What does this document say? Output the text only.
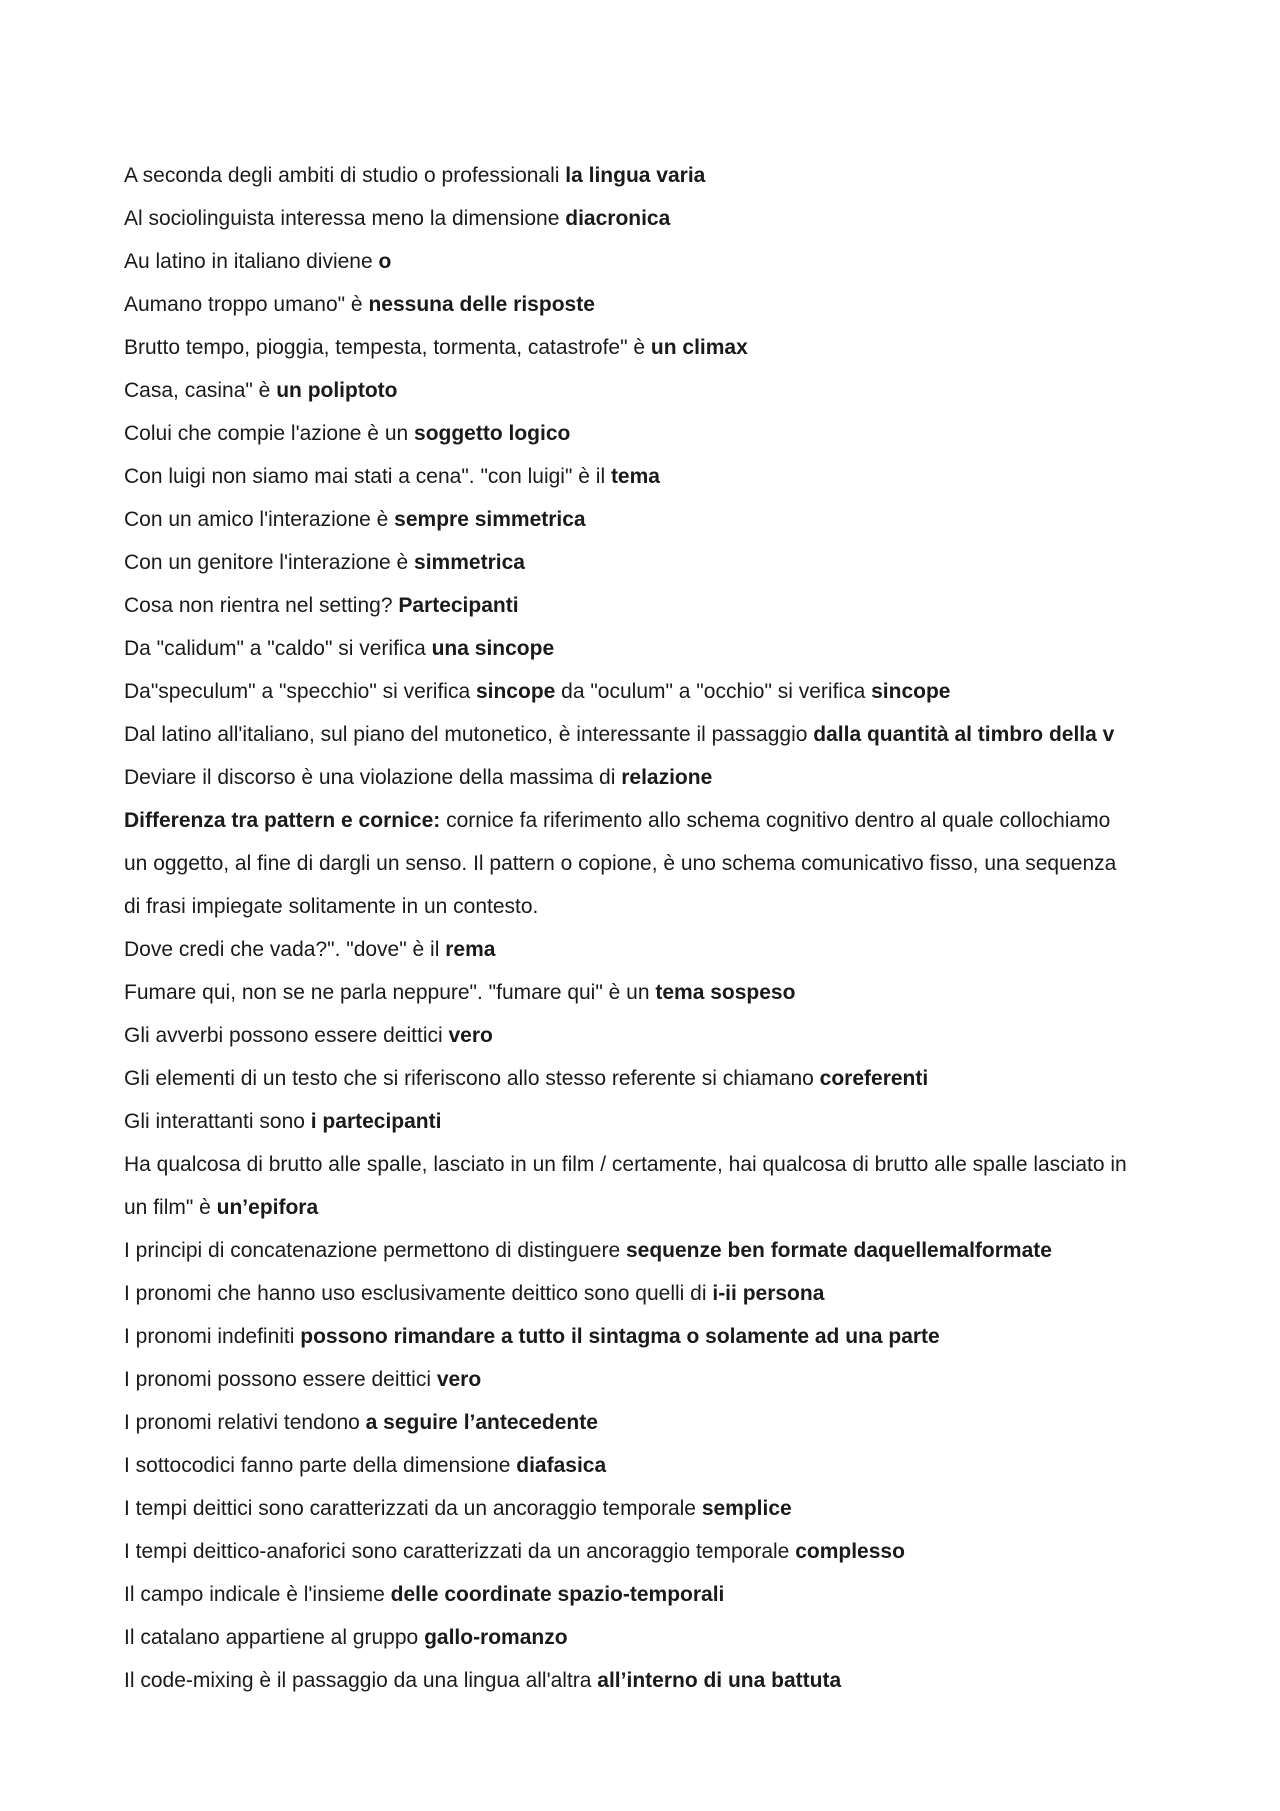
A seconda degli ambiti di studio o professionali la lingua varia
Al sociolinguista interessa meno la dimensione diacronica
Au latino in italiano diviene o
Aumano troppo umano" è nessuna delle risposte
Brutto tempo, pioggia, tempesta, tormenta, catastrofe" è un climax
Casa, casina" è un poliptoto
Colui che compie l'azione è un soggetto logico
Con luigi non siamo mai stati a cena". "con luigi" è il tema
Con un amico l'interazione è sempre simmetrica
Con un genitore l'interazione è simmetrica
Cosa non rientra nel setting? Partecipanti
Da "calidum" a "caldo" si verifica una sincope
Da"speculum" a "specchio" si verifica sincope da "oculum" a "occhio" si verifica sincope
Dal latino all'italiano, sul piano del mutonetico, è interessante il passaggio dalla quantità al timbro della v
Deviare il discorso è una violazione della massima di relazione
Differenza tra pattern e cornice: cornice fa riferimento allo schema cognitivo dentro al quale collochiamo
un oggetto, al fine di dargli un senso. Il pattern o copione, è uno schema comunicativo fisso, una sequenza
di frasi impiegate solitamente in un contesto.
Dove credi che vada?". "dove" è il rema
Fumare qui, non se ne parla neppure". "fumare qui" è un tema sospeso
Gli avverbi possono essere deittici vero
Gli elementi di un testo che si riferiscono allo stesso referente si chiamano coreferenti
Gli interattanti sono i partecipanti
Ha qualcosa di brutto alle spalle, lasciato in un film / certamente, hai qualcosa di brutto alle spalle lasciato in
un film" è un’epifora
I principi di concatenazione permettono di distinguere sequenze ben formate daquellemalformate
I pronomi che hanno uso esclusivamente deittico sono quelli di i-ii persona
I pronomi indefiniti possono rimandare a tutto il sintagma o solamente ad una parte
I pronomi possono essere deittici vero
I pronomi relativi tendono a seguire l’antecedente
I sottocodici fanno parte della dimensione diafasica
I tempi deittici sono caratterizzati da un ancoraggio temporale semplice
I tempi deittico-anaforici sono caratterizzati da un ancoraggio temporale complesso
Il campo indicale è l'insieme delle coordinate spazio-temporali
Il catalano appartiene al gruppo gallo-romanzo
Il code-mixing è il passaggio da una lingua all'altra all’interno di una battuta
